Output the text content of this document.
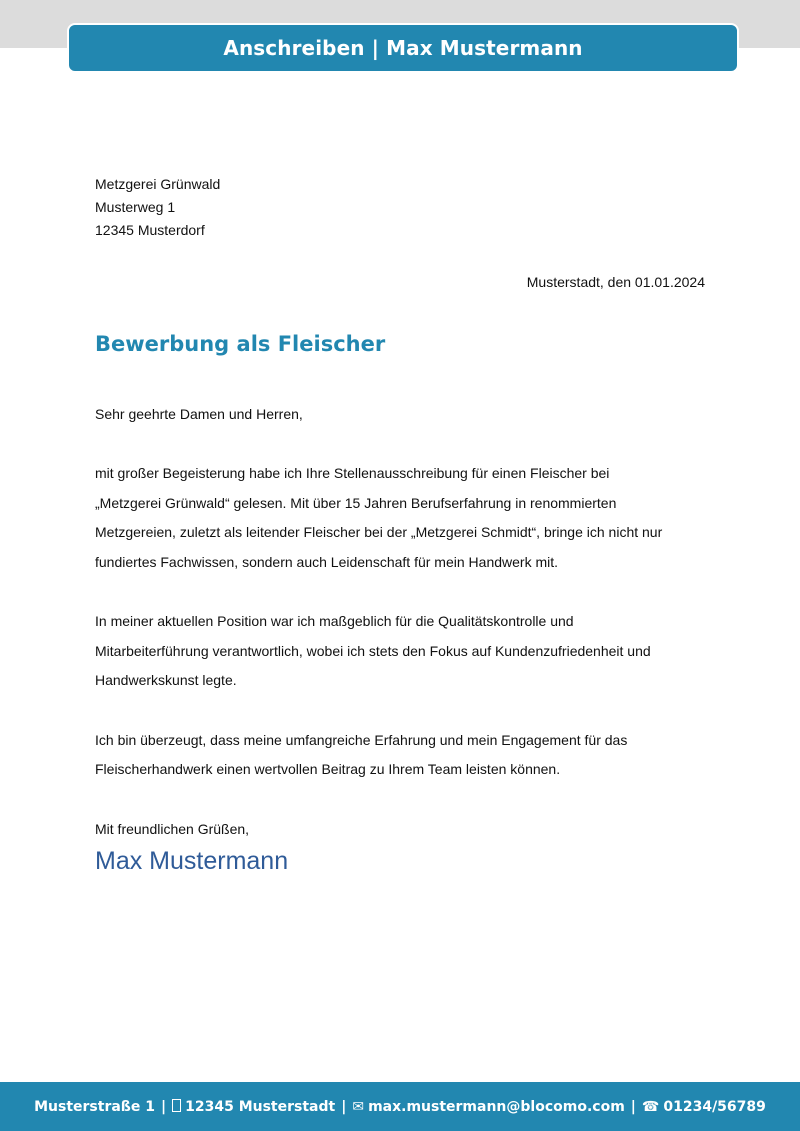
Anschreiben | Max Mustermann
Metzgerei Grünwald
Musterweg 1
12345 Musterdorf
Musterstadt, den 01.01.2024
Bewerbung als Fleischer

Sehr geehrte Damen und Herren,

mit großer Begeisterung habe ich Ihre Stellenausschreibung für einen Fleischer bei
„Metzgerei Grünwald“ gelesen. Mit über 15 Jahren Berufserfahrung in renommierten
Metzgereien, zuletzt als leitender Fleischer bei der „Metzgerei Schmidt“, bringe ich nicht nur
fundiertes Fachwissen, sondern auch Leidenschaft für mein Handwerk mit.

In meiner aktuellen Position war ich maßgeblich für die Qualitätskontrolle und
Mitarbeiterführung verantwortlich, wobei ich stets den Fokus auf Kundenzufriedenheit und
Handwerkskunst legte.

Ich bin überzeugt, dass meine umfangreiche Erfahrung und mein Engagement für das
Fleischerhandwerk einen wertvollen Beitrag zu Ihrem Team leisten können.

Mit freundlichen Grüßen,

Max Mustermann
Musterstraße 1 | 12345 Musterstadt | ✉ max.mustermann@blocomo.com | ☎ 01234/56789
